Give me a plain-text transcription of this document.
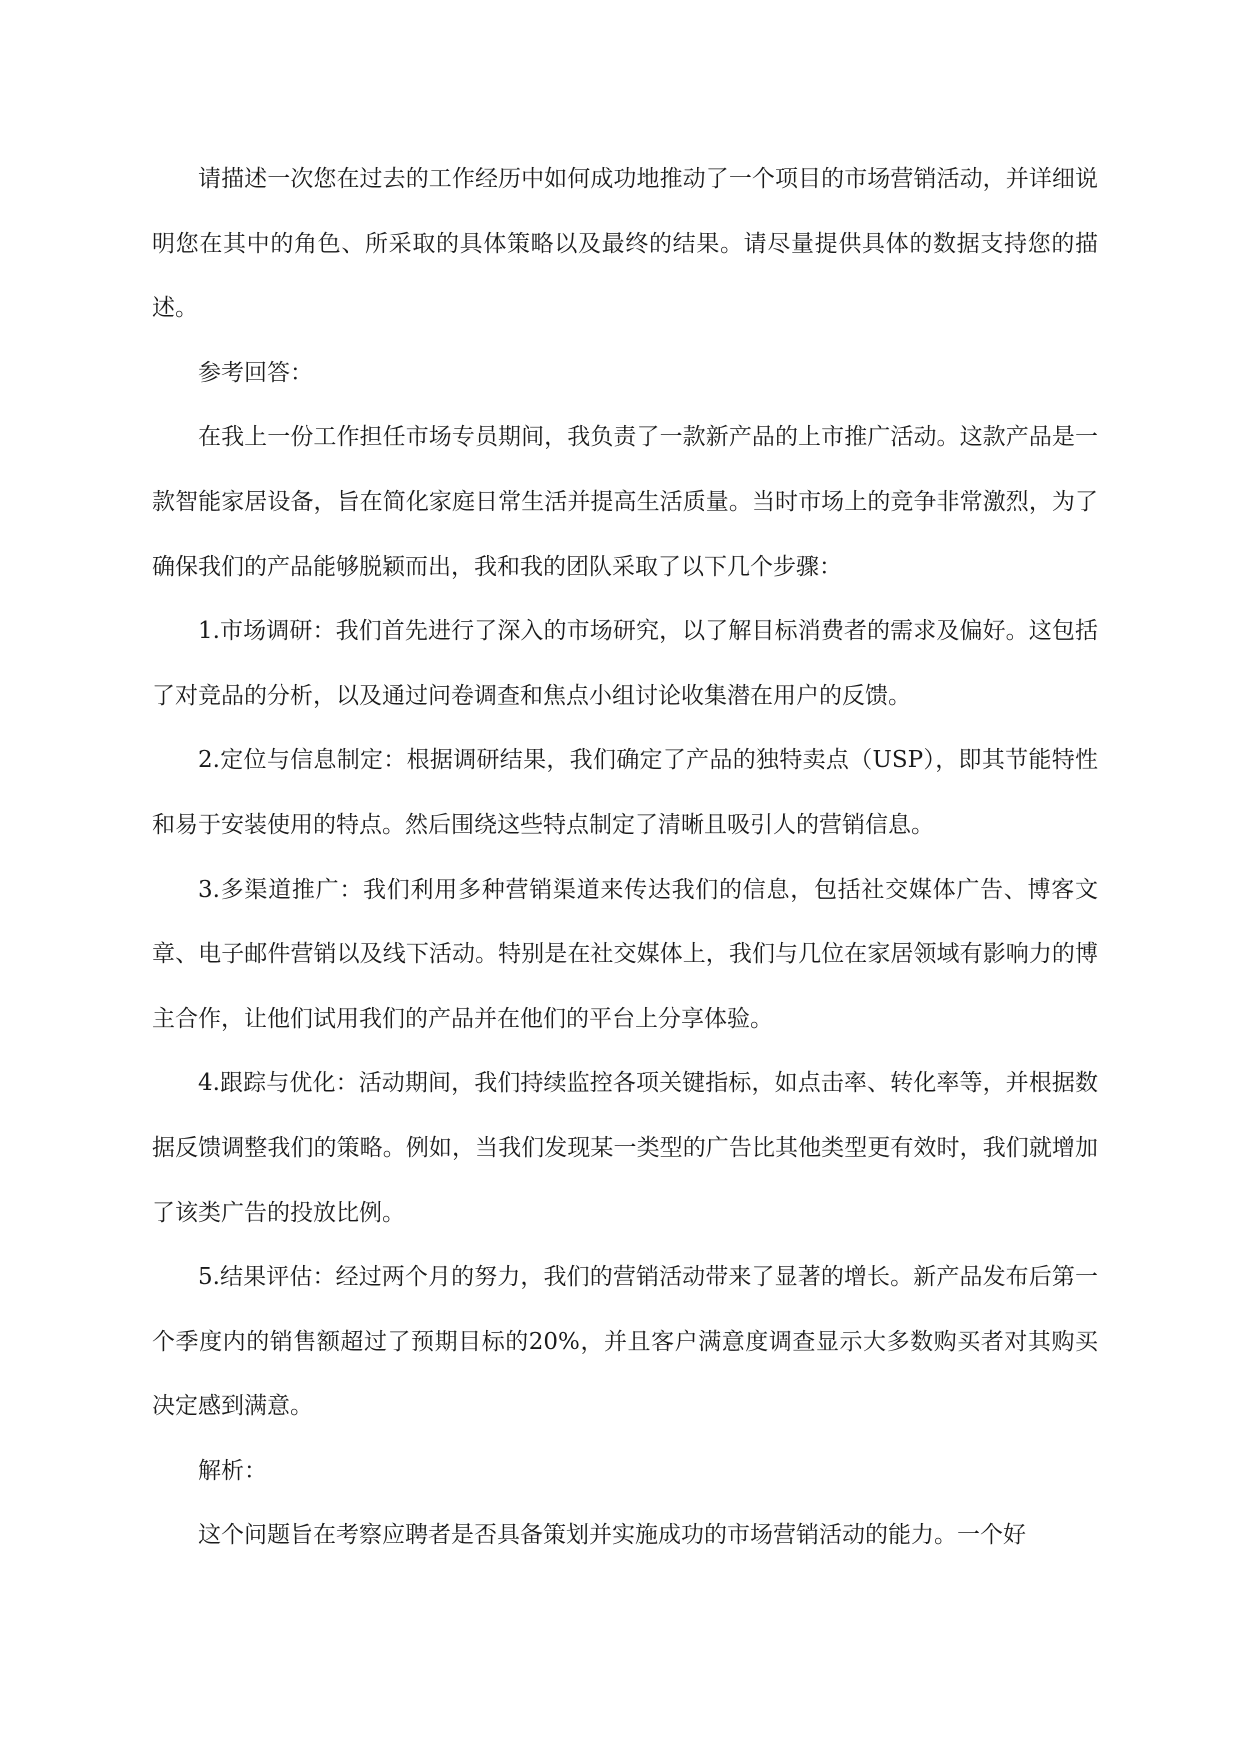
请描述一次您在过去的工作经历中如何成功地推动了一个项目的市场营销活动，并详细说明您在其中的角色、所采取的具体策略以及最终的结果。请尽量提供具体的数据支持您的描述。

参考回答：

在我上一份工作担任市场专员期间，我负责了一款新产品的上市推广活动。这款产品是一款智能家居设备，旨在简化家庭日常生活并提高生活质量。当时市场上的竞争非常激烈，为了确保我们的产品能够脱颖而出，我和我的团队采取了以下几个步骤：

1.市场调研：我们首先进行了深入的市场研究，以了解目标消费者的需求及偏好。这包括了对竞品的分析，以及通过问卷调查和焦点小组讨论收集潜在用户的反馈。

2.定位与信息制定：根据调研结果，我们确定了产品的独特卖点（USP），即其节能特性和易于安装使用的特点。然后围绕这些特点制定了清晰且吸引人的营销信息。

3.多渠道推广：我们利用多种营销渠道来传达我们的信息，包括社交媒体广告、博客文章、电子邮件营销以及线下活动。特别是在社交媒体上，我们与几位在家居领域有影响力的博主合作，让他们试用我们的产品并在他们的平台上分享体验。

4.跟踪与优化：活动期间，我们持续监控各项关键指标，如点击率、转化率等，并根据数据反馈调整我们的策略。例如，当我们发现某一类型的广告比其他类型更有效时，我们就增加了该类广告的投放比例。

5.结果评估：经过两个月的努力，我们的营销活动带来了显著的增长。新产品发布后第一个季度内的销售额超过了预期目标的20%，并且客户满意度调查显示大多数购买者对其购买决定感到满意。

解析：

这个问题旨在考察应聘者是否具备策划并实施成功的市场营销活动的能力。一个好
